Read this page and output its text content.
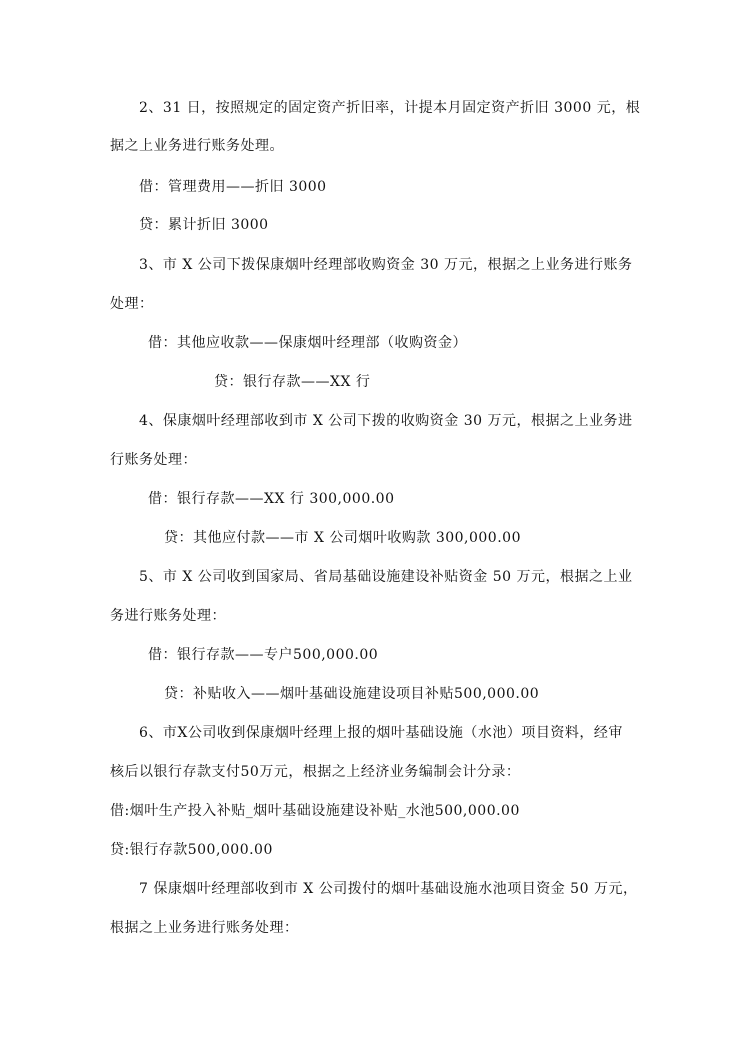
2、31 日，按照规定的固定资产折旧率，计提本月固定资产折旧 3000 元，根
据之上业务进行账务处理。
借：管理费用——折旧 3000
贷：累计折旧 3000
3、市 X 公司下拨保康烟叶经理部收购资金 30 万元，根据之上业务进行账务
处理：
借：其他应收款——保康烟叶经理部（收购资金）
贷：银行存款——XX 行
4、保康烟叶经理部收到市 X 公司下拨的收购资金 30 万元，根据之上业务进
行账务处理：
借：银行存款——XX 行 300,000.00
贷：其他应付款——市 X 公司烟叶收购款 300,000.00
5、市 X 公司收到国家局、省局基础设施建设补贴资金 50 万元，根据之上业
务进行账务处理：
借：银行存款——专户500,000.00
贷：补贴收入——烟叶基础设施建设项目补贴500,000.00
6、市X公司收到保康烟叶经理上报的烟叶基础设施（水池）项目资料，经审
核后以银行存款支付50万元，根据之上经济业务编制会计分录：
借:烟叶生产投入补贴_烟叶基础设施建设补贴_水池500,000.00
贷:银行存款500,000.00
7 保康烟叶经理部收到市 X 公司拨付的烟叶基础设施水池项目资金 50 万元，
根据之上业务进行账务处理：
